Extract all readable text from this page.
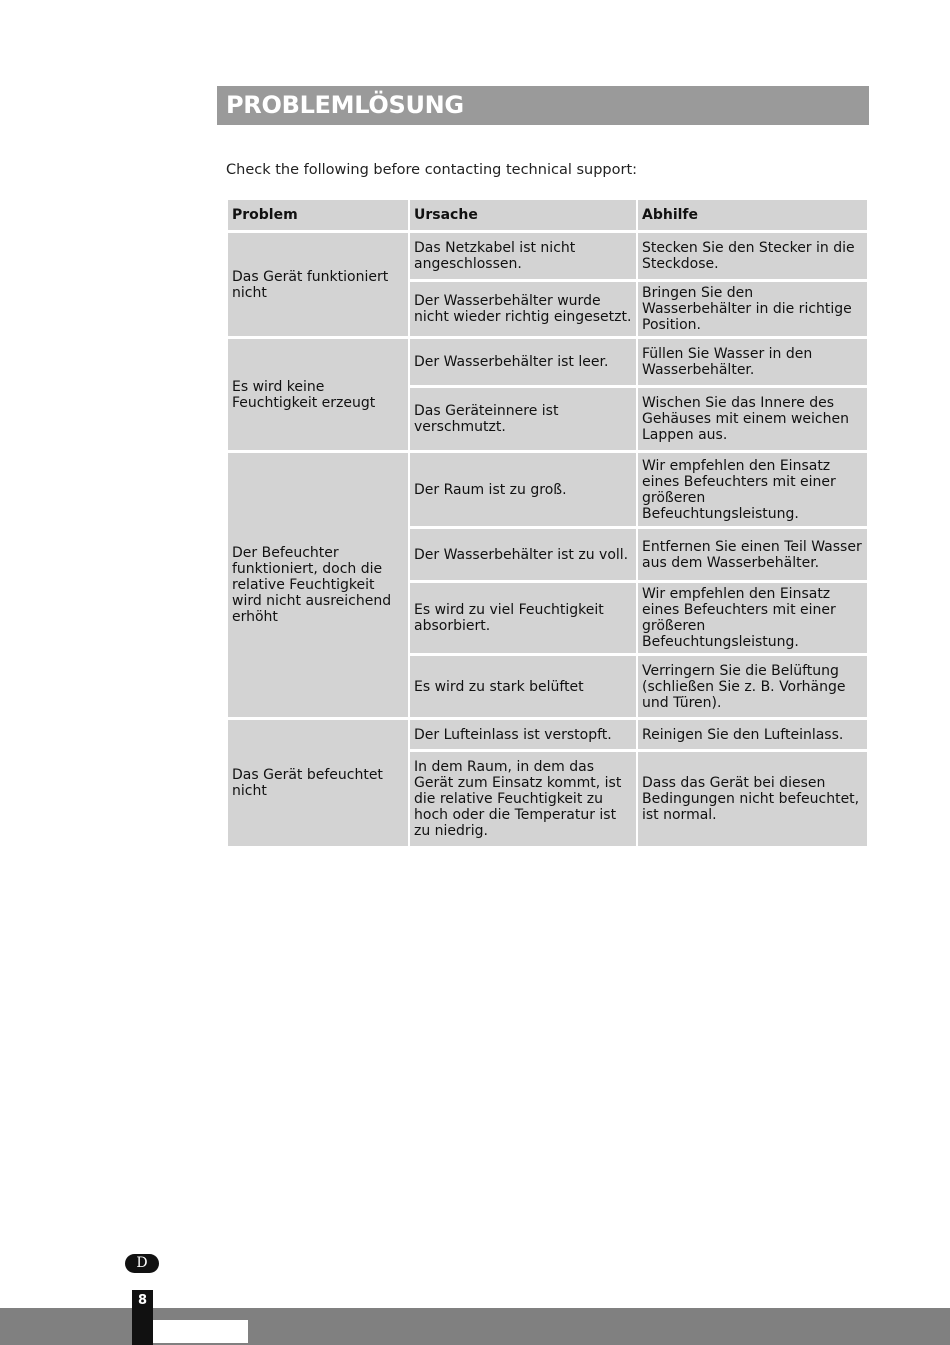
PROBLEMLÖSUNG
Check the following before contacting technical support:
Problem	Ursache	Abhilfe
Das Gerät funktioniert nicht	Das Netzkabel ist nicht angeschlossen.	Stecken Sie den Stecker in die Steckdose.
	Der Wasserbehälter wurde nicht wieder richtig eingesetzt.	Bringen Sie den Wasserbehälter in die richtige Position.
Es wird keine Feuchtigkeit erzeugt	Der Wasserbehälter ist leer.	Füllen Sie Wasser in den Wasserbehälter.
	Das Geräteinnere ist verschmutzt.	Wischen Sie das Innere des Gehäuses mit einem weichen Lappen aus.
Der Befeuchter funktioniert, doch die relative Feuchtigkeit wird nicht ausreichend erhöht	Der Raum ist zu groß.	Wir empfehlen den Einsatz eines Befeuchters mit einer größeren Befeuchtungsleistung.
	Der Wasserbehälter ist zu voll.	Entfernen Sie einen Teil Wasser aus dem Wasserbehälter.
	Es wird zu viel Feuchtigkeit absorbiert.	Wir empfehlen den Einsatz eines Befeuchters mit einer größeren Befeuchtungsleistung.
	Es wird zu stark belüftet	Verringern Sie die Belüftung (schließen Sie z. B. Vorhänge und Türen).
Das Gerät befeuchtet nicht	Der Lufteinlass ist verstopft.	Reinigen Sie den Lufteinlass.
	In dem Raum, in dem das Gerät zum Einsatz kommt, ist die relative Feuchtigkeit zu hoch oder die Temperatur ist zu niedrig.	Dass das Gerät bei diesen Bedingungen nicht befeuchtet, ist normal.
D
8
